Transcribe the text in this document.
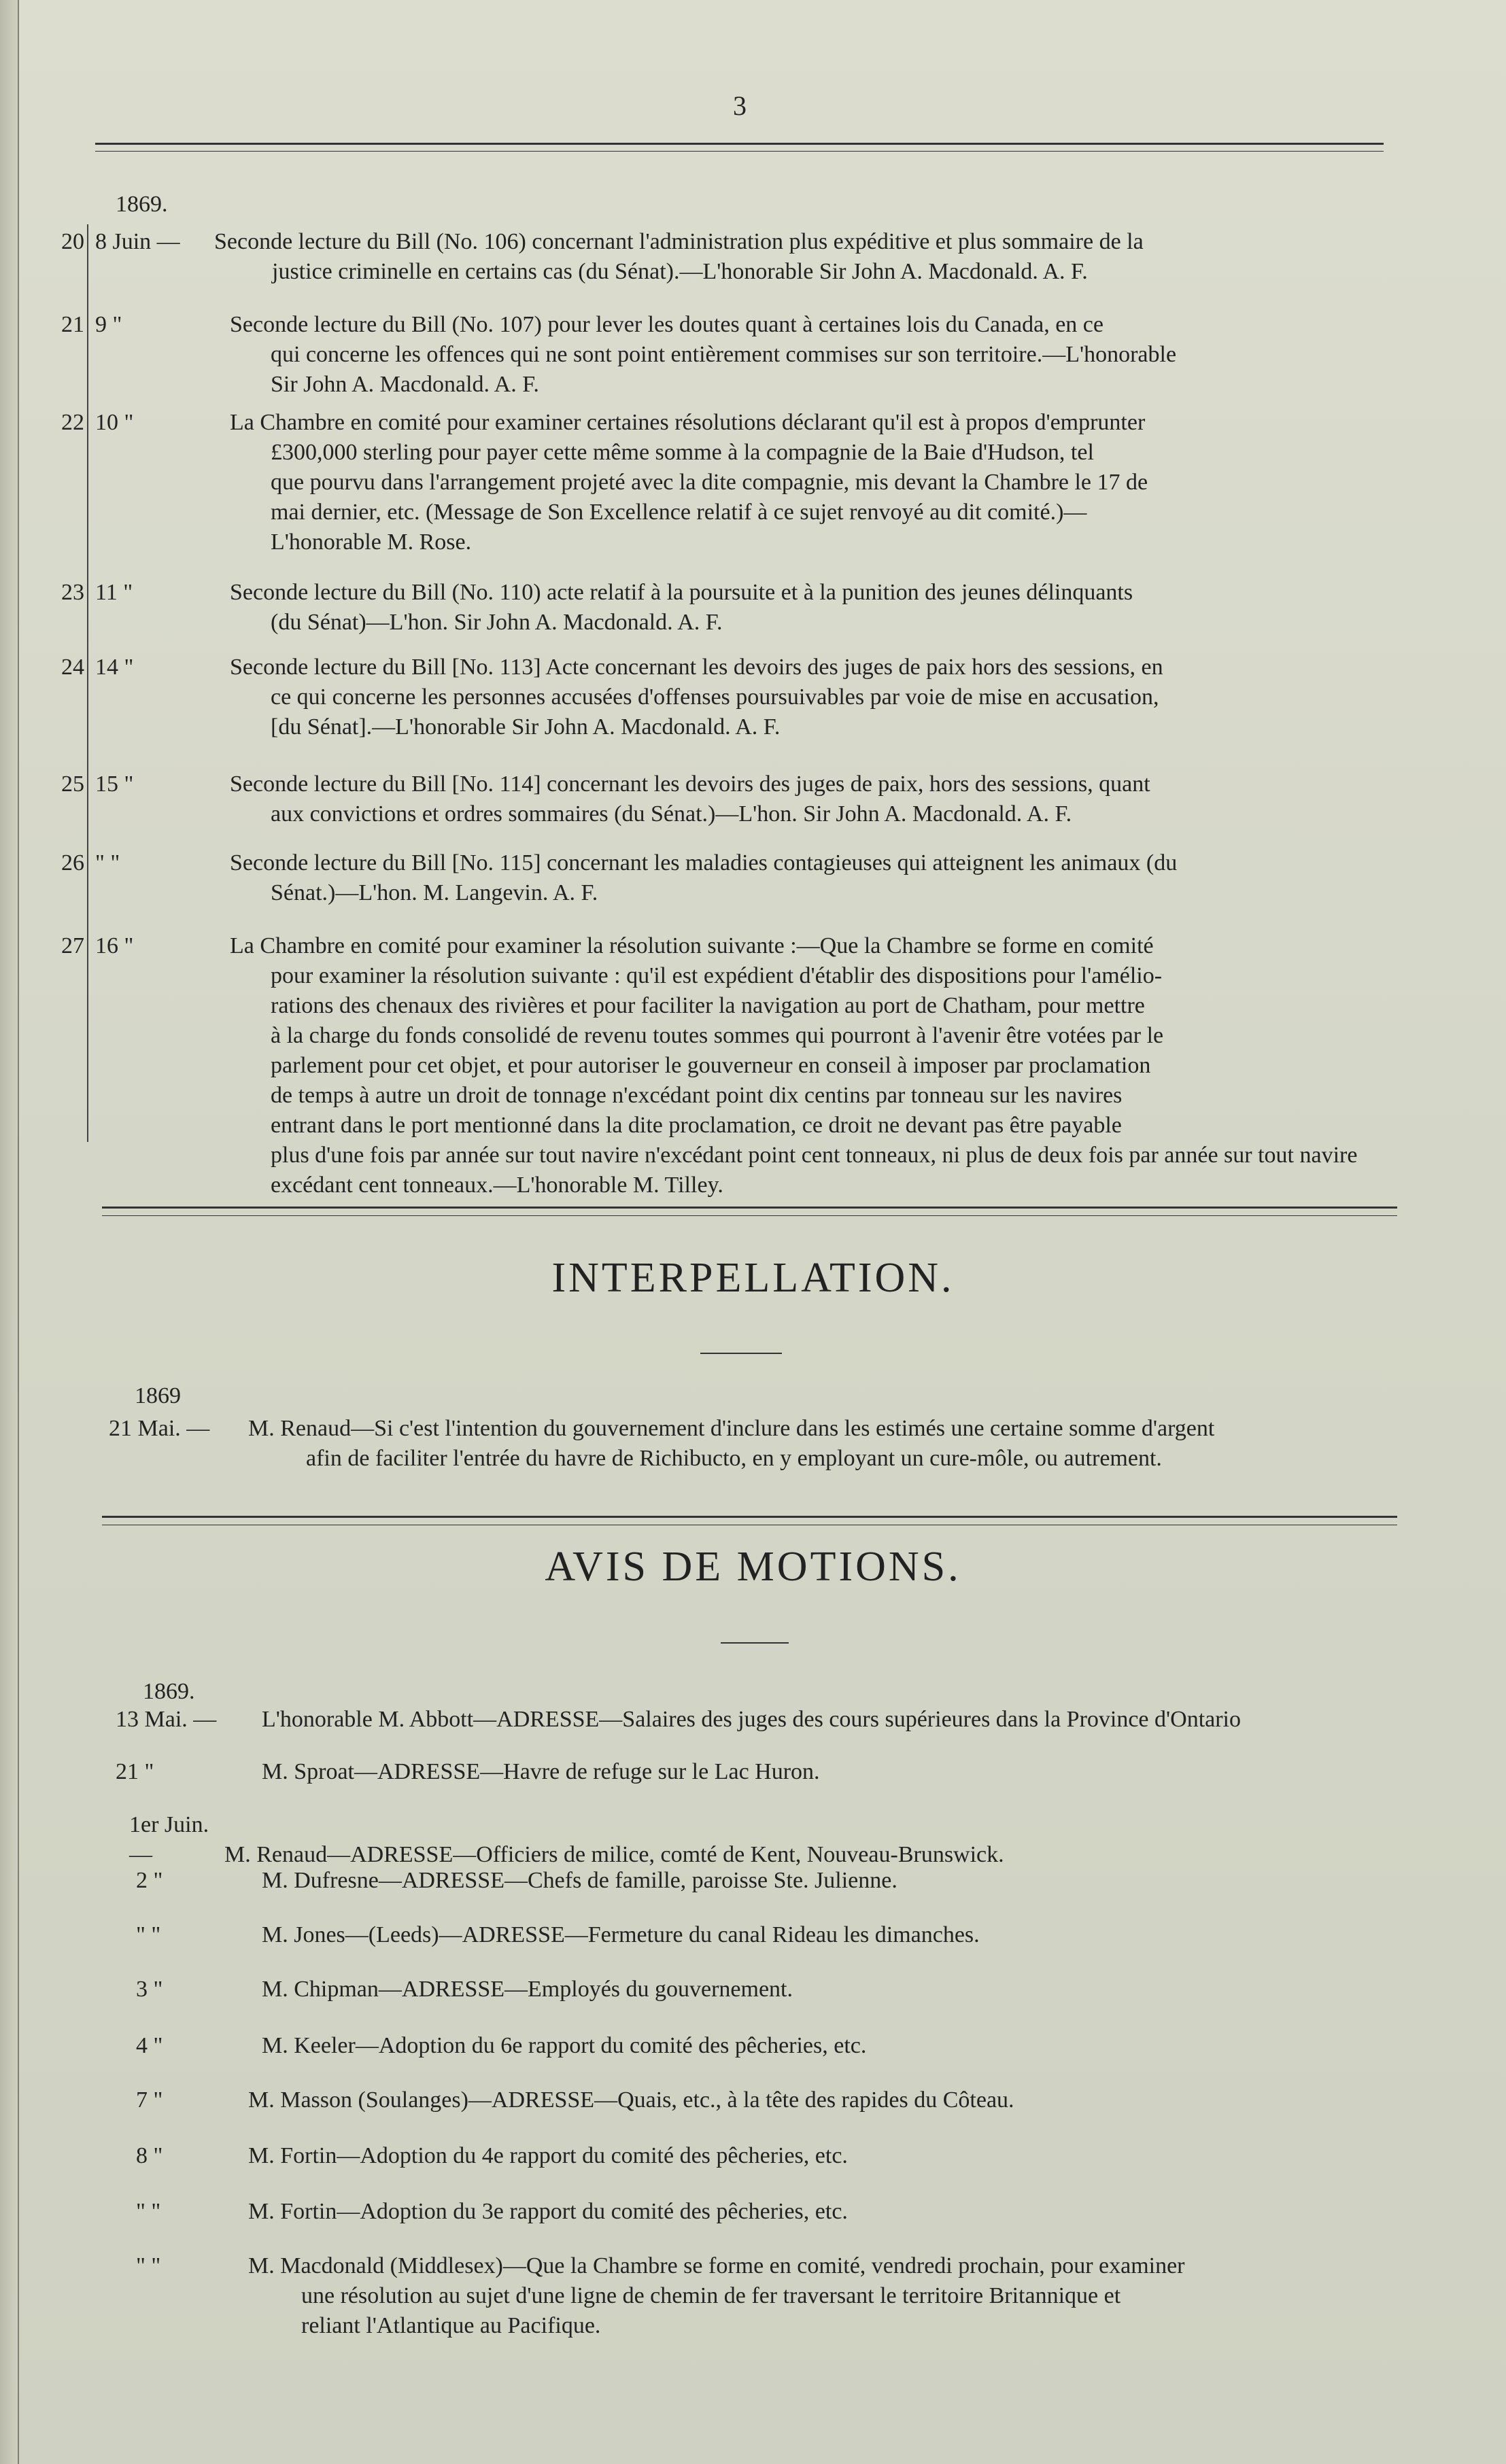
3
1869.
20 8 Juin — Seconde lecture du Bill (No. 106) concernant l'administration plus expéditive et plus sommaire de la
justice criminelle en certains cas (du Sénat).—L'honorable Sir John A. Macdonald. A. F.
21 9 "	Seconde lecture du Bill (No. 107) pour lever les doutes quant à certaines lois du Canada, en ce
qui concerne les offences qui ne sont point entièrement commises sur son territoire.—L'honorable
Sir John A. Macdonald. A. F.
22 10 "	La Chambre en comité pour examiner certaines résolutions déclarant qu'il est à propos d'emprunter
£300,000 sterling pour payer cette même somme à la compagnie de la Baie d'Hudson, tel
que pourvu dans l'arrangement projeté avec la dite compagnie, mis devant la Chambre le 17 de
mai dernier, etc. (Message de Son Excellence relatif à ce sujet renvoyé au dit comité.)—
L'honorable M. Rose.
23 11 "	Seconde lecture du Bill (No. 110) acte relatif à la poursuite et à la punition des jeunes délinquants
(du Sénat)—L'hon. Sir John A. Macdonald. A. F.
24 14 "	Seconde lecture du Bill [No. 113] Acte concernant les devoirs des juges de paix hors des sessions, en
ce qui concerne les personnes accusées d'offenses poursuivables par voie de mise en accusation,
[du Sénat].—L'honorable Sir John A. Macdonald. A. F.
25 15 "	Seconde lecture du Bill [No. 114] concernant les devoirs des juges de paix, hors des sessions, quant
aux convictions et ordres sommaires (du Sénat.)—L'hon. Sir John A. Macdonald. A. F.
26 " "	Seconde lecture du Bill [No. 115] concernant les maladies contagieuses qui atteignent les animaux (du
Sénat.)—L'hon. M. Langevin. A. F.
27 16 "	La Chambre en comité pour examiner la résolution suivante :—Que la Chambre se forme en comité
pour examiner la résolution suivante : qu'il est expédient d'établir des dispositions pour l'amélio-
rations des chenaux des rivières et pour faciliter la navigation au port de Chatham, pour mettre
à la charge du fonds consolidé de revenu toutes sommes qui pourront à l'avenir être votées par le
parlement pour cet objet, et pour autoriser le gouverneur en conseil à imposer par proclamation
de temps à autre un droit de tonnage n'excédant point dix centins par tonneau sur les navires
entrant dans le port mentionné dans la dite proclamation, ce droit ne devant pas être payable
plus d'une fois par année sur tout navire n'excédant point cent tonneaux, ni plus de deux fois par année sur tout navire excédant cent tonneaux.—L'honorable M. Tilley.
INTERPELLATION.
1869
21 Mai. — M. Renaud—Si c'est l'intention du gouvernement d'inclure dans les estimés une certaine somme d'argent
afin de faciliter l'entrée du havre de Richibucto, en y employant un cure-môle, ou autrement.
AVIS DE MOTIONS.
1869.
13 Mai. — L'honorable M. Abbott—ADRESSE—Salaires des juges des cours supérieures dans la Province d'Ontario
21 "	M. Sproat—ADRESSE—Havre de refuge sur le Lac Huron.
1er Juin.—	M. Renaud—ADRESSE—Officiers de milice, comté de Kent, Nouveau-Brunswick.
2 "	M. Dufresne—ADRESSE—Chefs de famille, paroisse Ste. Julienne.
" "	M. Jones—(Leeds)—ADRESSE—Fermeture du canal Rideau les dimanches.
3 "	M. Chipman—ADRESSE—Employés du gouvernement.
4 "	M. Keeler—Adoption du 6e rapport du comité des pêcheries, etc.
7 "	M. Masson (Soulanges)—ADRESSE—Quais, etc., à la tête des rapides du Côteau.
8 "	M. Fortin—Adoption du 4e rapport du comité des pêcheries, etc.
" "	M. Fortin—Adoption du 3e rapport du comité des pêcheries, etc.
" "	M. Macdonald (Middlesex)—Que la Chambre se forme en comité, vendredi prochain, pour examiner
une résolution au sujet d'une ligne de chemin de fer traversant le territoire Britannique et
reliant l'Atlantique au Pacifique.
